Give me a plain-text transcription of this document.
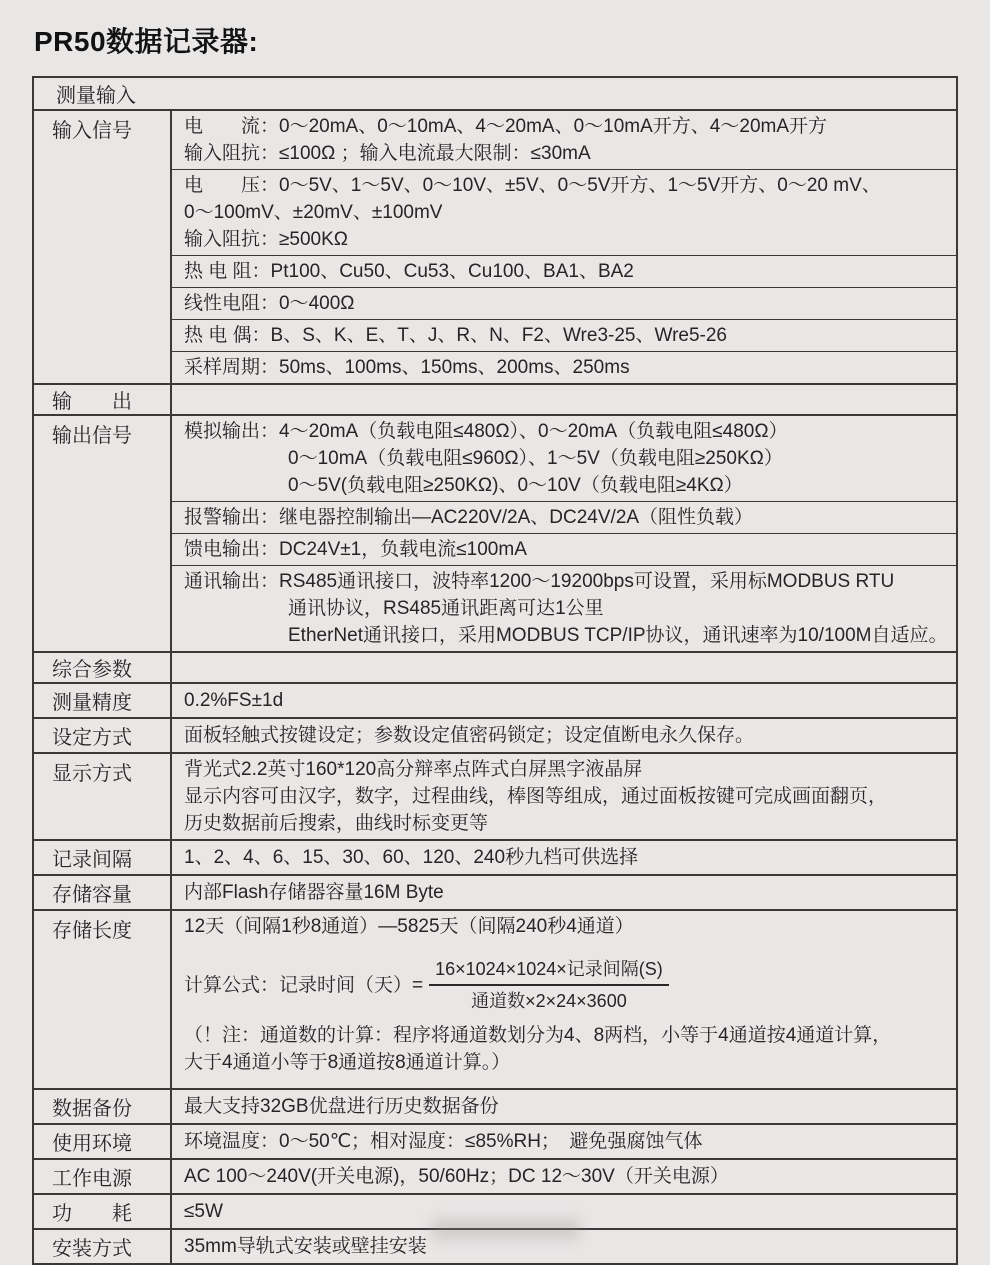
PR50数据记录器:
测量输入
输入信号	电　　流：0～20mA、0～10mA、4～20mA、0～10mA开方、4～20mA开方
输入阻抗：≤100Ω ；输入电流最大限制：≤30mA
电　　压：0～5V、1～5V、0～10V、±5V、0～5V开方、1～5V开方、0～20 mV、
0～100mV、±20mV、±100mV
输入阻抗：≥500KΩ
热 电 阻：Pt100、Cu50、Cu53、Cu100、BA1、BA2
线性电阻：0～400Ω
热 电 偶：B、S、K、E、T、J、R、N、F2、Wre3-25、Wre5-26
采样周期：50ms、100ms、150ms、200ms、250ms
输　　出
输出信号	模拟输出：4～20mA（负载电阻≤480Ω）、0～20mA（负载电阻≤480Ω）
0～10mA（负载电阻≤960Ω）、1～5V（负载电阻≥250KΩ）
0～5V(负载电阻≥250KΩ)、0～10V（负载电阻≥4KΩ）
报警输出：继电器控制输出—AC220V/2A、DC24V/2A（阻性负载）
馈电输出：DC24V±1，负载电流≤100mA
通讯输出：RS485通讯接口，波特率1200～19200bps可设置，采用标MODBUS RTU
通讯协议，RS485通讯距离可达1公里
EtherNet通讯接口，采用MODBUS TCP/IP协议，通讯速率为10/100M自适应。
综合参数
测量精度	0.2%FS±1d
设定方式	面板轻触式按键设定；参数设定值密码锁定；设定值断电永久保存。
显示方式	背光式2.2英寸160*120高分辩率点阵式白屏黑字液晶屏
显示内容可由汉字，数字，过程曲线，棒图等组成，通过面板按键可完成画面翻页，
历史数据前后搜索，曲线时标变更等
记录间隔	1、2、4、6、15、30、60、120、240秒九档可供选择
存储容量	内部Flash存储器容量16M Byte
存储长度	12天（间隔1秒8通道）—5825天（间隔240秒4通道）
计算公式：记录时间（天）= $\frac{\text{16×1024×1024×记录间隔(S)}}{\text{通道数×2×24×3600}}$
（！注：通道数的计算：程序将通道数划分为4、8两档，小等于4通道按4通道计算，
大于4通道小等于8通道按8通道计算。）
数据备份	最大支持32GB优盘进行历史数据备份
使用环境	环境温度：0～50℃；相对湿度：≤85%RH；　避免强腐蚀气体
工作电源	AC 100～240V(开关电源)，50/60Hz；DC 12～30V（开关电源）
功　　耗	≤5W
安装方式	35mm导轨式安装或壁挂安装
